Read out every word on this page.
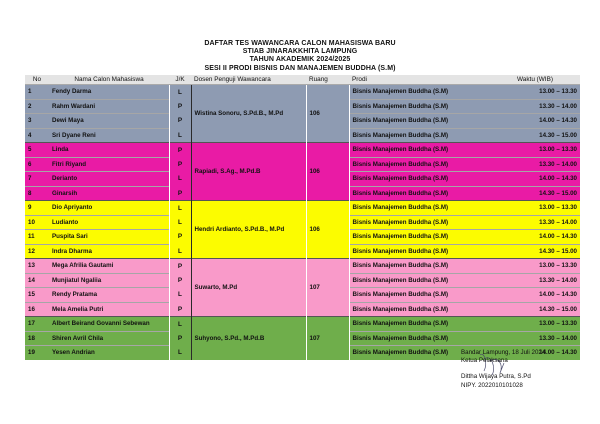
DAFTAR TES WAWANCARA CALON MAHASISWA BARU
STIAB JINARAKKHITA LAMPUNG
TAHUN AKADEMIK 2024/2025
SESI II PRODI BISNIS DAN MANAJEMEN BUDDHA (S.M)
No	Nama Calon Mahasiswa	J/K	Dosen Penguji Wawancara	Ruang	Prodi	Waktu (WIB)
1	Fendy Darma	L	Wistina Sonoru, S.Pd.B., M.Pd	106	Bisnis Manajemen Buddha (S.M)	13.00 – 13.30
2	Rahm Wardani	P			Bisnis Manajemen Buddha (S.M)	13.30 – 14.00
3	Dewi Maya	P			Bisnis Manajemen Buddha (S.M)	14.00 – 14.30
4	Sri Dyane Reni	L			Bisnis Manajemen Buddha (S.M)	14.30 – 15.00
5	Linda	P	Rapiadi, S.Ag., M.Pd.B	106	Bisnis Manajemen Buddha (S.M)	13.00 – 13.30
6	Fitri Riyand	P			Bisnis Manajemen Buddha (S.M)	13.30 – 14.00
7	Derianto	L			Bisnis Manajemen Buddha (S.M)	14.00 – 14.30
8	Ginarsih	P			Bisnis Manajemen Buddha (S.M)	14.30 – 15.00
9	Dio Apriyanto	L	Hendri Ardianto, S.Pd.B., M.Pd	106	Bisnis Manajemen Buddha (S.M)	13.00 – 13.30
10	Ludianto	L			Bisnis Manajemen Buddha (S.M)	13.30 – 14.00
11	Puspita Sari	P			Bisnis Manajemen Buddha (S.M)	14.00 – 14.30
12	Indra Dharma	L			Bisnis Manajemen Buddha (S.M)	14.30 – 15.00
13	Mega Afrilia Gautami	P	Suwarto, M.Pd	107	Bisnis Manajemen Buddha (S.M)	13.00 – 13.30
14	Munjiatul Ngaliia	P			Bisnis Manajemen Buddha (S.M)	13.30 – 14.00
15	Rendy Pratama	L			Bisnis Manajemen Buddha (S.M)	14.00 – 14.30
16	Mela Amelia Putri	P			Bisnis Manajemen Buddha (S.M)	14.30 – 15.00
17	Albert Beirand Govanni Sebewan	L	Suhyono, S.Pd., M.Pd.B	107	Bisnis Manajemen Buddha (S.M)	13.00 – 13.30
18	Shiren Avril Chila	P			Bisnis Manajemen Buddha (S.M)	13.30 – 14.00
19	Yesen Andrian	L			Bisnis Manajemen Buddha (S.M)	14.00 – 14.30
Bandar Lampung, 18 Juli 2024
Ketua Pelaksana
Dittha Wijaya Putra, S.Pd
NIPY. 2022010101028
